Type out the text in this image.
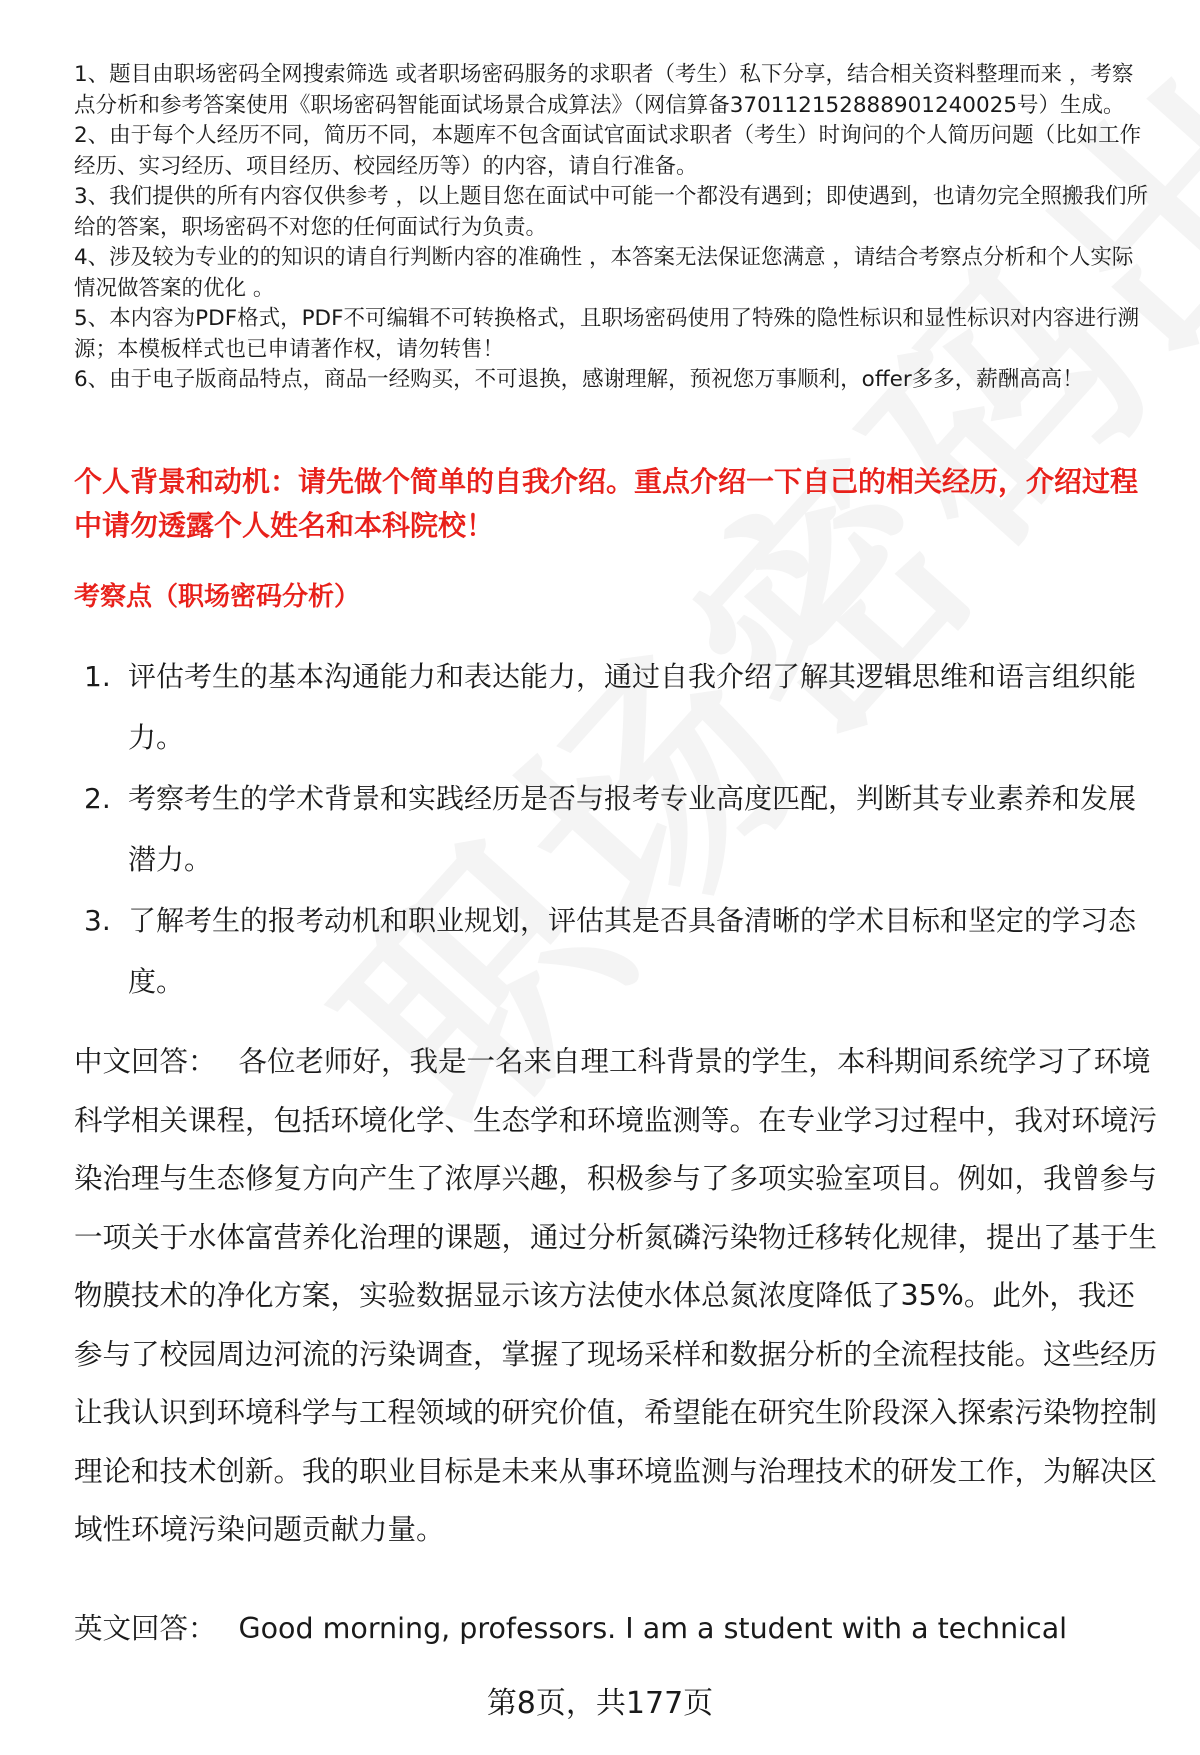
1、题目由职场密码全网搜索筛选 或者职场密码服务的求职者（考生）私下分享，结合相关资料整理而来 ，考察点分析和参考答案使用《职场密码智能面试场景合成算法》（网信算备370112152888901240025号）生成。

2、由于每个人经历不同，简历不同，本题库不包含面试官面试求职者（考生）时询问的个人简历问题（比如工作经历、实习经历、项目经历、校园经历等）的内容，请自行准备。

3、我们提供的所有内容仅供参考 ，以上题目您在面试中可能一个都没有遇到；即使遇到，也请勿完全照搬我们所给的答案，职场密码不对您的任何面试行为负责。

4、涉及较为专业的的知识的请自行判断内容的准确性 ，本答案无法保证您满意 ，请结合考察点分析和个人实际情况做答案的优化 。

5、本内容为PDF格式，PDF不可编辑不可转换格式，且职场密码使用了特殊的隐性标识和显性标识对内容进行溯源；本模板样式也已申请著作权，请勿转售！

6、由于电子版商品特点，商品一经购买，不可退换，感谢理解，预祝您万事顺利，offer多多，薪酬高高！

个人背景和动机：请先做个简单的自我介绍。重点介绍一下自己的相关经历，介绍过程中请勿透露个人姓名和本科院校！

考察点（职场密码分析）

1. 评估考生的基本沟通能力和表达能力，通过自我介绍了解其逻辑思维和语言组织能力。
2. 考察考生的学术背景和实践经历是否与报考专业高度匹配，判断其专业素养和发展潜力。
3. 了解考生的报考动机和职业规划，评估其是否具备清晰的学术目标和坚定的学习态度。

中文回答： 各位老师好，我是一名来自理工科背景的学生，本科期间系统学习了环境科学相关课程，包括环境化学、生态学和环境监测等。在专业学习过程中，我对环境污染治理与生态修复方向产生了浓厚兴趣，积极参与了多项实验室项目。例如，我曾参与一项关于水体富营养化治理的课题，通过分析氮磷污染物迁移转化规律，提出了基于生物膜技术的净化方案，实验数据显示该方法使水体总氮浓度降低了35%。此外，我还参与了校园周边河流的污染调查，掌握了现场采样和数据分析的全流程技能。这些经历让我认识到环境科学与工程领域的研究价值，希望能在研究生阶段深入探索污染物控制理论和技术创新。我的职业目标是未来从事环境监测与治理技术的研发工作，为解决区域性环境污染问题贡献力量。

英文回答： Good morning, professors. I am a student with a technical

第8页，共177页
